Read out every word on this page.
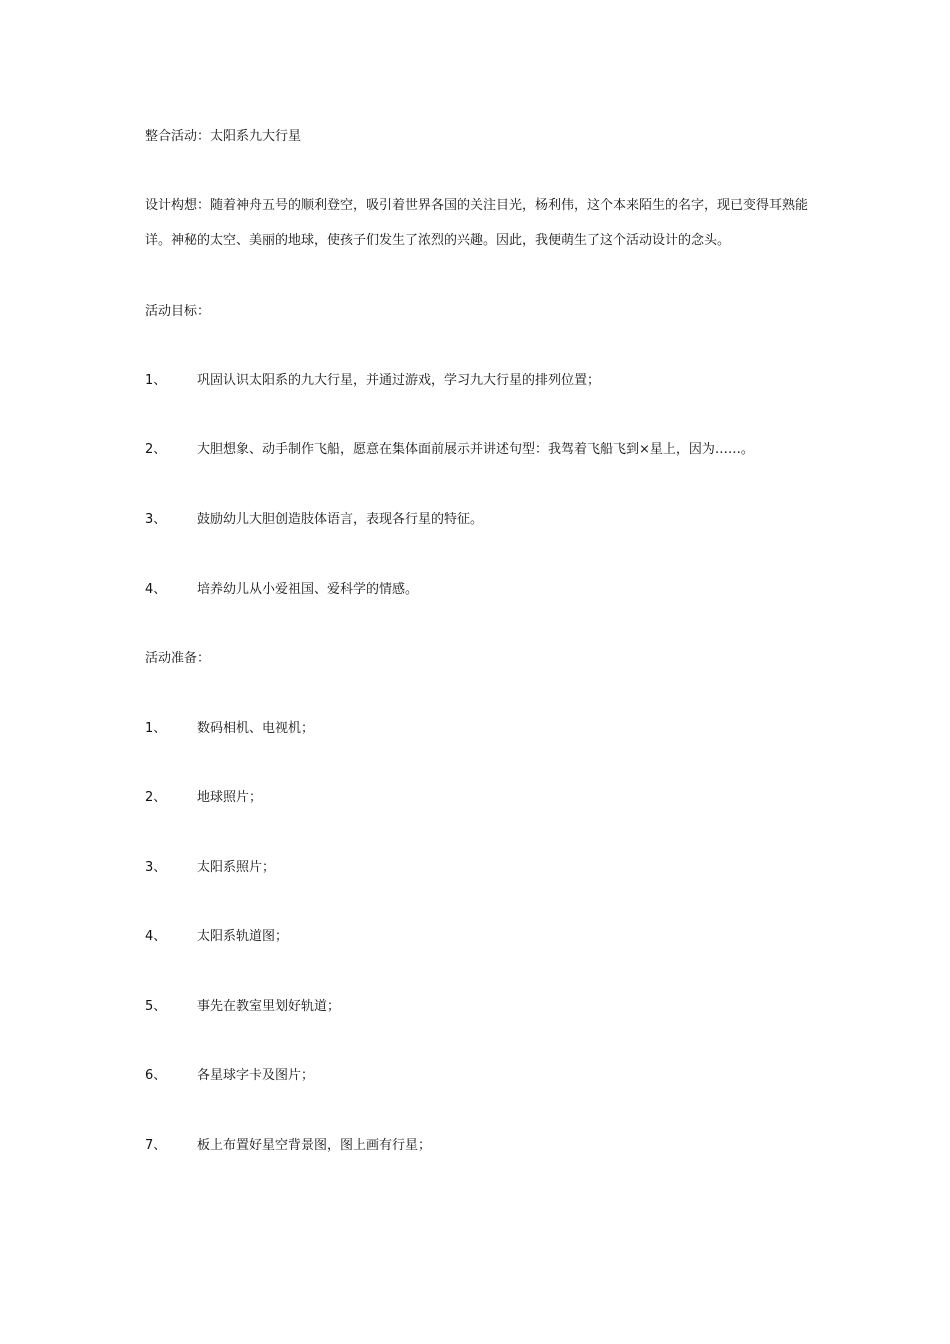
整合活动：太阳系九大行星
设计构想：随着神舟五号的顺利登空，吸引着世界各国的关注目光，杨利伟，这个本来陌生的名字，现已变得耳熟能详。神秘的太空、美丽的地球，使孩子们发生了浓烈的兴趣。因此，我便萌生了这个活动设计的念头。
活动目标：
1、 巩固认识太阳系的九大行星，并通过游戏，学习九大行星的排列位置；
2、 大胆想象、动手制作飞船，愿意在集体面前展示并讲述句型：我驾着飞船飞到×星上，因为……。
3、 鼓励幼儿大胆创造肢体语言，表现各行星的特征。
4、 培养幼儿从小爱祖国、爱科学的情感。
活动准备：
1、 数码相机、电视机；
2、 地球照片；
3、 太阳系照片；
4、 太阳系轨道图；
5、 事先在教室里划好轨道；
6、 各星球字卡及图片；
7、 板上布置好星空背景图，图上画有行星；
